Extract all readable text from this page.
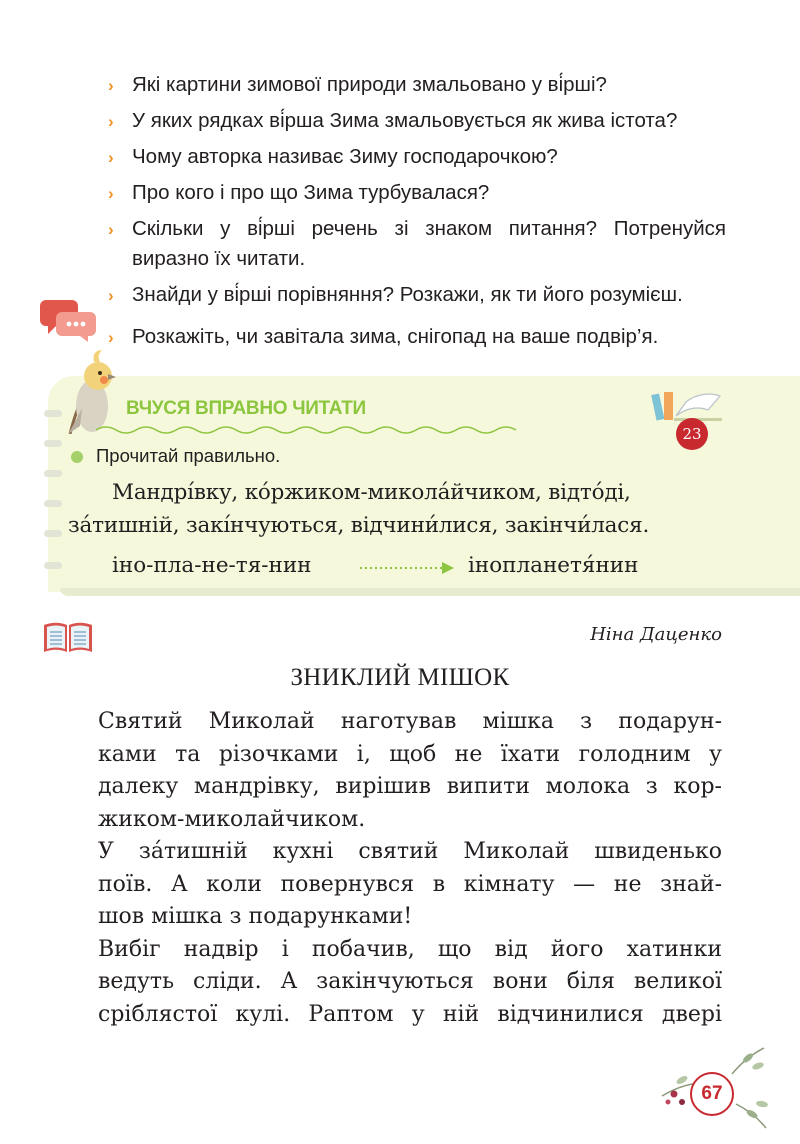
› Які картини зимової природи змальовано у ві́рші?
› У яких рядках ві́рша Зима змальовується як жива істота?
› Чому авторка називає Зиму господарочкою?
› Про кого і про що Зима турбувалася?
› Скільки у ві́рші речень зі знаком питання? Потренуйся виразно їх читати.
› Знайди у ві́рші порівняння? Розкажи, як ти його розумієш.
› Розкажіть, чи завітала зима, снігопад на ваше подвір’я.
ВЧУСЯ ВПРАВНО ЧИТАТИ
23
Прочитай правильно.
Мандрі́вку, ко́ржиком-микола́йчиком, відто́ді,
за́тишній, закі́нчуються, відчини́лися, закінчи́лася.
іно-пла-не-тя-нин	інопланетя́нин
Ніна Даценко
ЗНИКЛИЙ МІШОК

Святий Миколай наготував мішка з подарун-
ками та різочками і, щоб не їхати голодним у
далеку мандрівку, вирішив випити молока з кор-
жиком-миколайчиком.

У за́тишній кухні святий Миколай швиденько
поїв. А коли повернувся в кімнату — не знай-
шов мішка з подарунками!

Вибіг надвір і побачив, що від його хатинки
ведуть сліди. А закінчуються вони біля великої
сріблястої кулі. Раптом у ній відчинилися двері

67
